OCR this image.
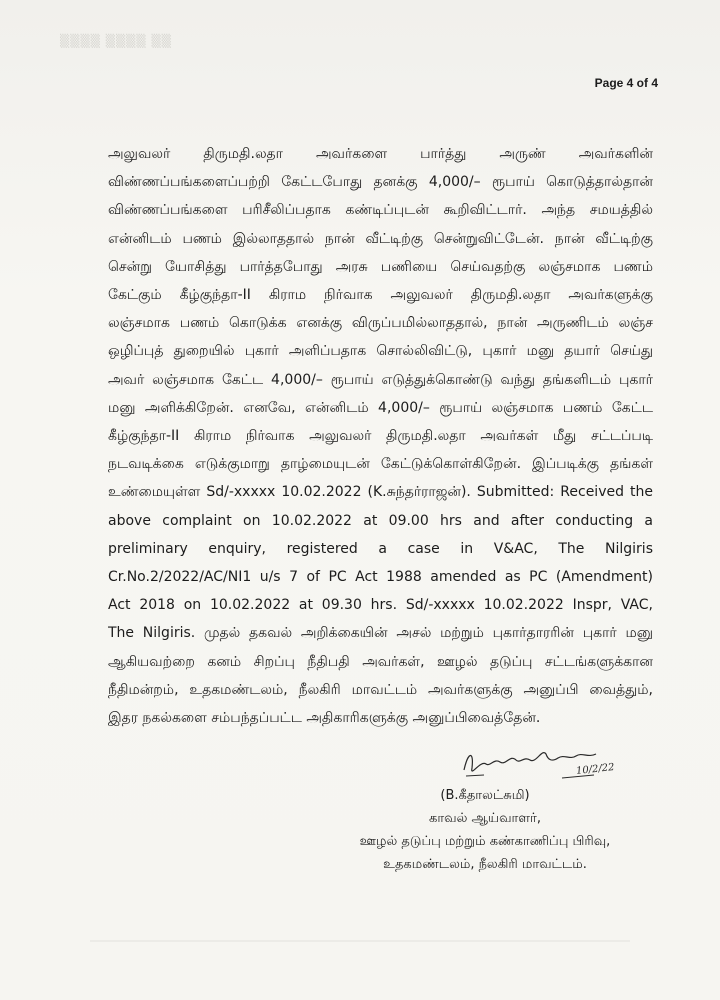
▒▒▒▒ ▒▒▒▒ ▒▒
Page 4 of 4
அலுவலர் திருமதி.லதா அவர்களை பார்த்து அருண் அவர்களின்
விண்ணப்பங்களைப்பற்றி கேட்டபோது தனக்கு 4,000/– ரூபாய் கொடுத்தால்தான்
விண்ணப்பங்களை பரிசீலிப்பதாக கண்டிப்புடன் கூறிவிட்டார். அந்த சமயத்தில்
என்னிடம் பணம் இல்லாததால் நான் வீட்டிற்கு சென்றுவிட்டேன். நான் வீட்டிற்கு
சென்று யோசித்து பார்த்தபோது அரசு பணியை செய்வதற்கு லஞ்சமாக பணம்
கேட்கும் கீழ்குந்தா-II கிராம நிர்வாக அலுவலர் திருமதி.லதா அவர்களுக்கு
லஞ்சமாக பணம் கொடுக்க எனக்கு விருப்பமில்லாததால், நான் அருணிடம் லஞ்ச
ஒழிப்புத் துறையில் புகார் அளிப்பதாக சொல்லிவிட்டு, புகார் மனு தயார் செய்து
அவர் லஞ்சமாக கேட்ட 4,000/– ரூபாய் எடுத்துக்கொண்டு வந்து தங்களிடம் புகார்
மனு அளிக்கிறேன். எனவே, என்னிடம் 4,000/– ரூபாய் லஞ்சமாக பணம் கேட்ட
கீழ்குந்தா-II கிராம நிர்வாக அலுவலர் திருமதி.லதா அவர்கள் மீது சட்டப்படி
நடவடிக்கை எடுக்குமாறு தாழ்மையுடன் கேட்டுக்கொள்கிறேன். இப்படிக்கு தங்கள்
உண்மையுள்ள Sd/-xxxxx 10.02.2022 (K.சுந்தர்ராஜன்). Submitted: Received the
above complaint on 10.02.2022 at 09.00 hrs and after conducting a
preliminary enquiry, registered a case in V&AC, The Nilgiris
Cr.No.2/2022/AC/NI1 u/s 7 of PC Act 1988 amended as PC (Amendment)
Act 2018 on 10.02.2022 at 09.30 hrs. Sd/-xxxxx 10.02.2022 Inspr, VAC,
The Nilgiris. முதல் தகவல் அறிக்கையின் அசல் மற்றும் புகார்தாரரின் புகார் மனு
ஆகியவற்றை கனம் சிறப்பு நீதிபதி அவர்கள், ஊழல் தடுப்பு சட்டங்களுக்கான
நீதிமன்றம், உதகமண்டலம், நீலகிரி மாவட்டம் அவர்களுக்கு அனுப்பி வைத்தும்,
இதர நகல்களை சம்பந்தப்பட்ட அதிகாரிகளுக்கு அனுப்பிவைத்தேன்.
10/2/22
(B.கீதாலட்சுமி)
காவல் ஆய்வாளர்,
ஊழல் தடுப்பு மற்றும் கண்காணிப்பு பிரிவு,
உதகமண்டலம், நீலகிரி மாவட்டம்.
